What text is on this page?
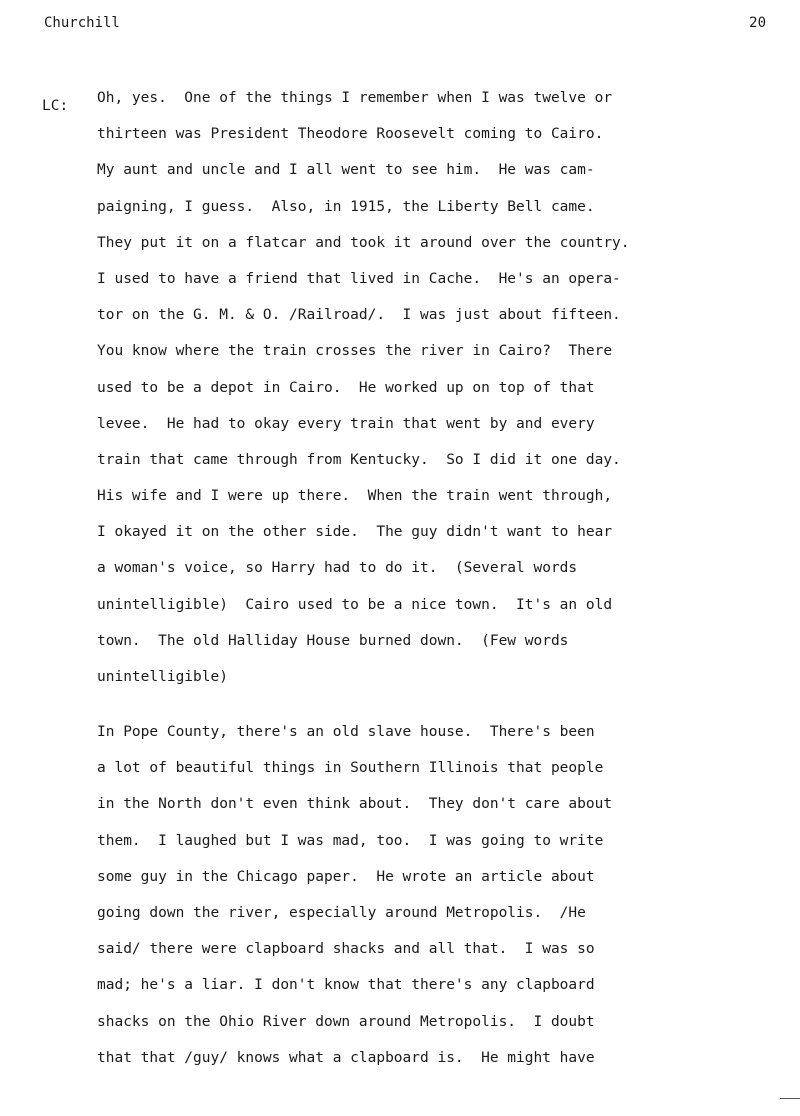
Churchill	20
LC: Oh, yes.  One of the things I remember when I was twelve or
thirteen was President Theodore Roosevelt coming to Cairo.
My aunt and uncle and I all went to see him.  He was cam-
paigning, I guess.  Also, in 1915, the Liberty Bell came.
They put it on a flatcar and took it around over the country.
I used to have a friend that lived in Cache.  He's an opera-
tor on the G. M. & O. /Railroad/.  I was just about fifteen.
You know where the train crosses the river in Cairo?  There
used to be a depot in Cairo.  He worked up on top of that
levee.  He had to okay every train that went by and every
train that came through from Kentucky.  So I did it one day.
His wife and I were up there.  When the train went through,
I okayed it on the other side.  The guy didn't want to hear
a woman's voice, so Harry had to do it.  (Several words
unintelligible)  Cairo used to be a nice town.  It's an old
town.  The old Halliday House burned down.  (Few words
unintelligible)
In Pope County, there's an old slave house.  There's been
a lot of beautiful things in Southern Illinois that people
in the North don't even think about.  They don't care about
them.  I laughed but I was mad, too.  I was going to write
some guy in the Chicago paper.  He wrote an article about
going down the river, especially around Metropolis.  /He
said/ there were clapboard shacks and all that.  I was so
mad; he's a liar. I don't know that there's any clapboard
shacks on the Ohio River down around Metropolis.  I doubt
that that /guy/ knows what a clapboard is.  He might have
